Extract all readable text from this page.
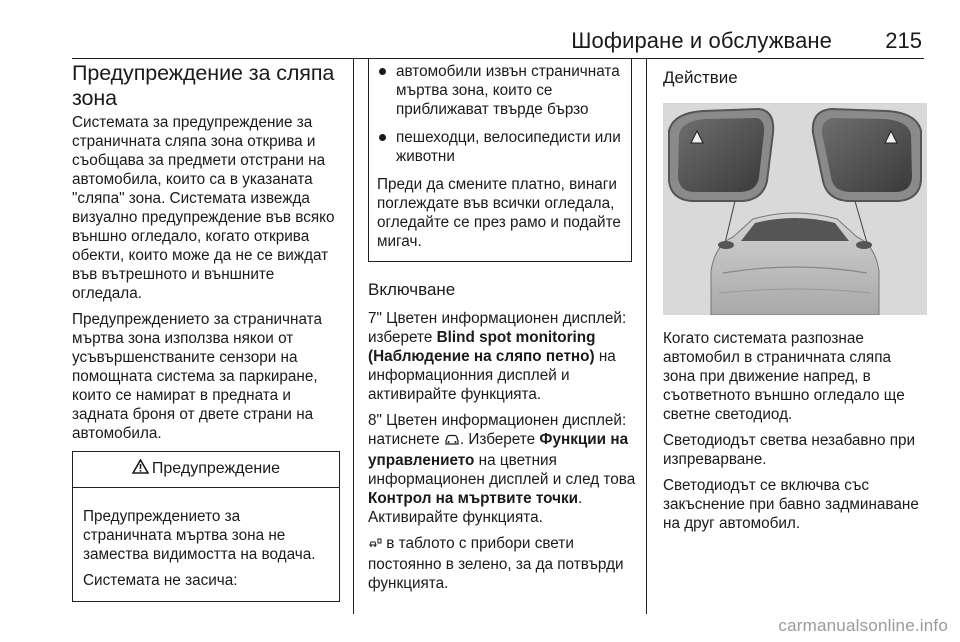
Шофиране и обслужване 215
Предупреждение за сляпа зона

Системата за предупреждение за страничната сляпа зона открива и съобщава за предмети отстрани на автомобила, които са в указаната "сляпа" зона. Системата извежда визуално предупреждение във всяко външно огледало, когато открива обекти, които може да не се виждат във вътрешното и външните огледала.

Предупреждението за страничната мъртва зона използва някои от усъвършенстваните сензори на помощната система за паркиране, които се намират в предната и задната броня от двете страни на автомобила.

Предупреждение

Предупреждението за страничната мъртва зона не замества видимостта на водача.

Системата не засича:

автомобили извън страничната мъртва зона, които се приближават твърде бързо
пешеходци, велосипедисти или животни

Преди да смените платно, винаги поглеждате във всички огледала, огледайте се през рамо и подайте мигач.

Включване

7" Цветен информационен дисплей: изберете Blind spot monitoring (Наблюдение на сляпо петно) на информационния дисплей и активирайте функцията.

8" Цветен информационен дисплей: натиснете . Изберете Функции на управлението на цветния информационен дисплей и след това Контрол на мъртвите точки. Активирайте функцията.

в таблото с прибори свети постоянно в зелено, за да потвърди функцията.

Действие

Когато системата разпознае автомобил в страничната сляпа зона при движение напред, в съответното външно огледало ще светне светодиод.

Светодиодът светва незабавно при изпреварване.

Светодиодът се включва със закъснение при бавно задминаване на друг автомобил.

carmanualsonline.info
